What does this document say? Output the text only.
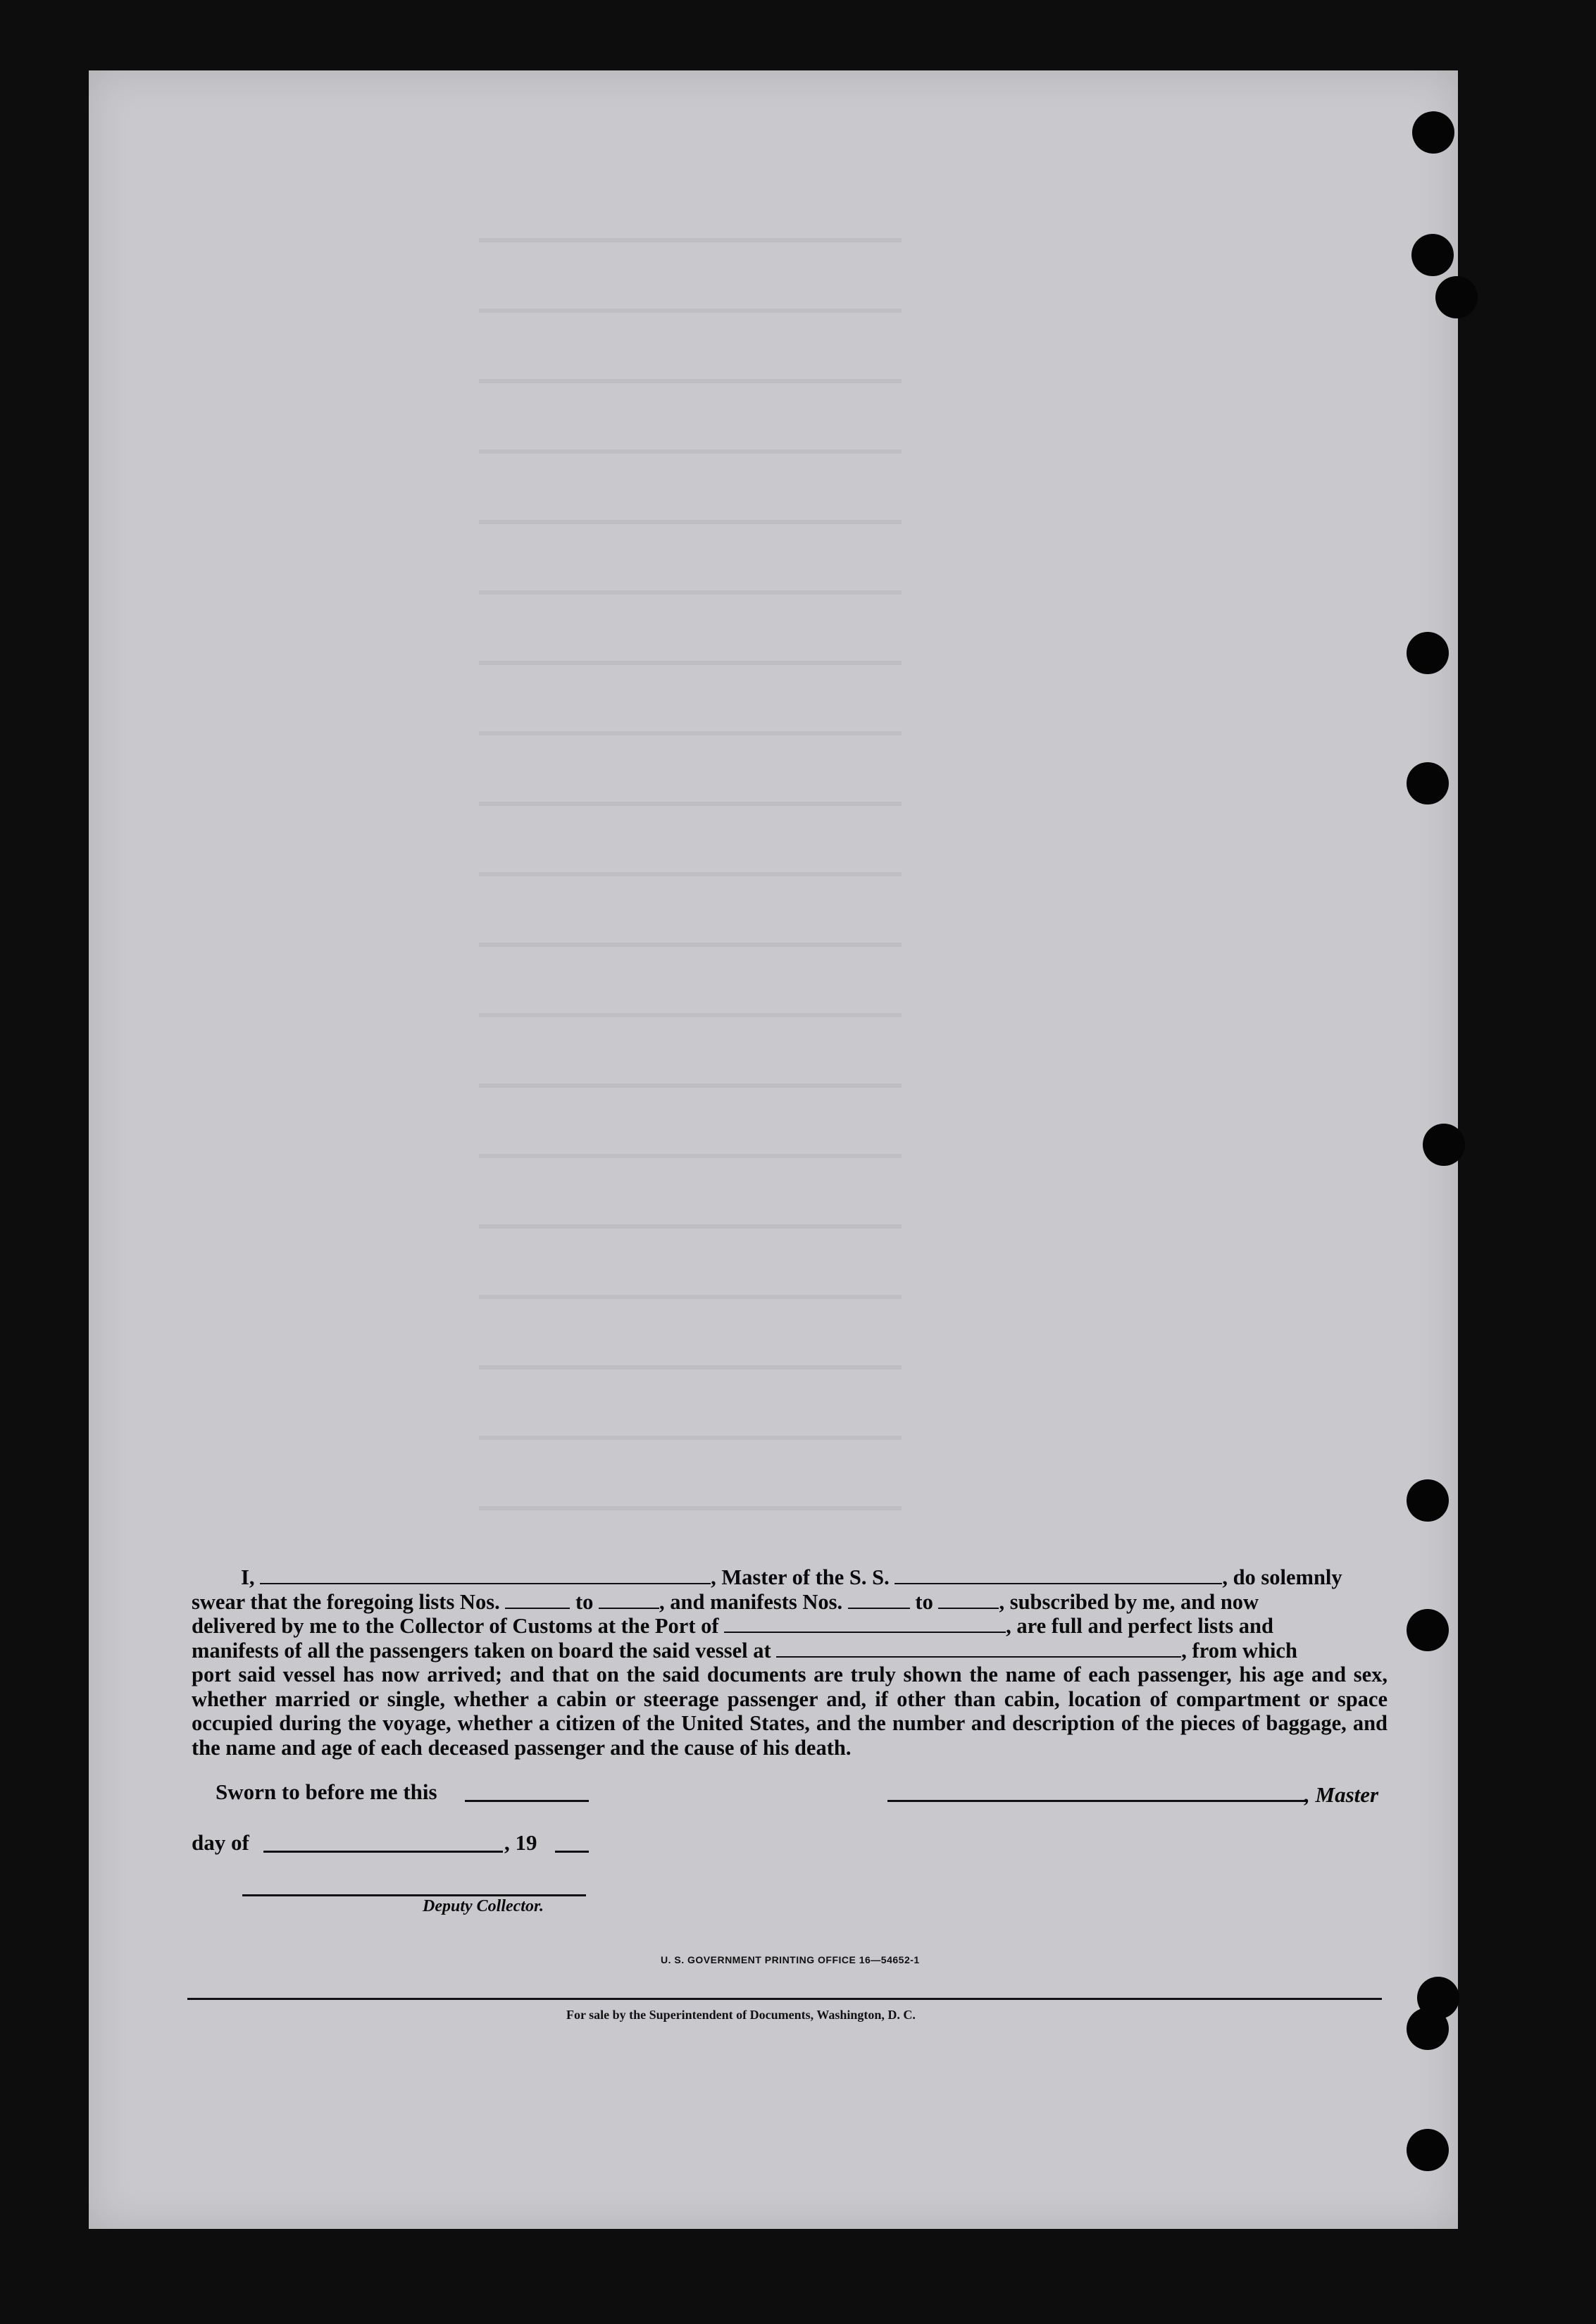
I,	, Master of the S. S.	, do solemnly

swear that the foregoing lists Nos.	to	, and manifests Nos.	to	, subscribed by me, and now

delivered by me to the Collector of Customs at the Port of	, are full and perfect lists and

manifests of all the passengers taken on board the said vessel at	, from which

port said vessel has now arrived; and that on the said documents are truly shown the name of each passenger, his age and sex, whether married or single, whether a cabin or steerage passenger and, if other than cabin, location of compartment or space occupied during the voyage, whether a citizen of the United States, and the number and description of the pieces of baggage, and the name and age of each deceased passenger and the cause of his death.

Sworn to before me this	, Master
day of	, 19
Deputy Collector.
U. S. GOVERNMENT PRINTING OFFICE 16—54652-1
For sale by the Superintendent of Documents, Washington, D. C.
